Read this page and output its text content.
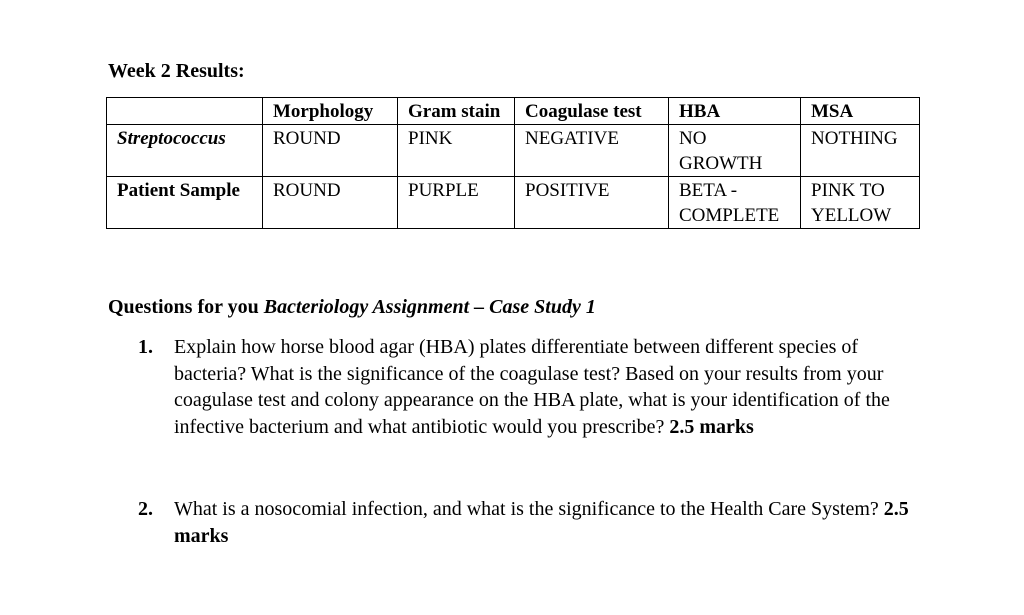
Week 2 Results:
	Morphology	Gram stain	Coagulase test	HBA	MSA
Streptococcus	ROUND	PINK	NEGATIVE	NO GROWTH	NOTHING
Patient Sample	ROUND	PURPLE	POSITIVE	BETA - COMPLETE	PINK TO YELLOW

Questions for you Bacteriology Assignment – Case Study 1

1. Explain how horse blood agar (HBA) plates differentiate between different species of bacteria? What is the significance of the coagulase test? Based on your results from your coagulase test and colony appearance on the HBA plate, what is your identification of the infective bacterium and what antibiotic would you prescribe? 2.5 marks
2. What is a nosocomial infection, and what is the significance to the Health Care System? 2.5 marks
